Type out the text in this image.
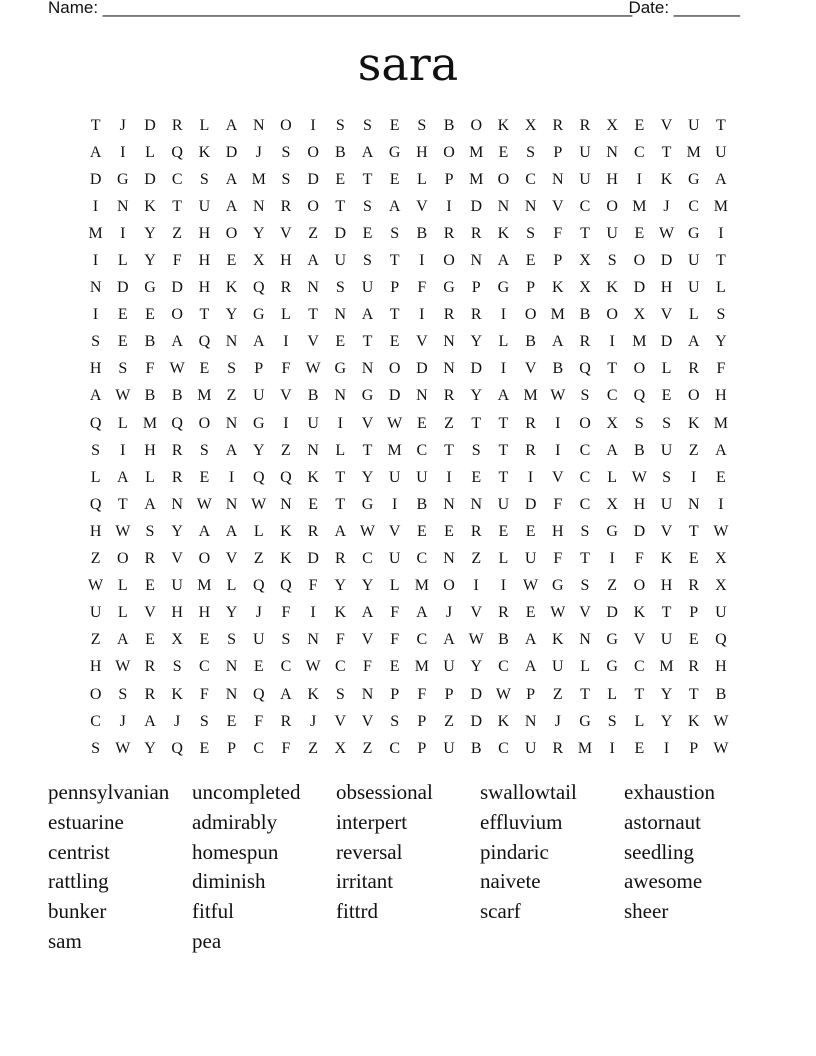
Name: ________________________________________________________
Date: _______
sara
T	J	D	R	L	A N O	I	S	S	E	S	B	O K X	R	R	X	E	V U	T
A	I	L	Q K D	J	S	O	B	A G H O M E	S	P	U N	C	T M U
D G D	C	S	A M S	D	E	T	E	L	P M O	C	N U H	I	K G A
I	N K	T	U A N	R	O	T	S	A V	I	D N N V	C	O M	J	C M
M	I	Y	Z	H O Y V	Z	D	E	S	B	R	R	K	S	F	T	U	E W G	I
I	L	Y	F	H	E	X H A U	S	T	I	O N A	E	P	X	S	O D U	T
N D G D H K Q	R	N	S	U	P	F	G	P	G	P	K X K D H U	L
I	E	E	O	T	Y G	L	T	N A	T	I	R	R	I	O M B	O X V	L	S
S	E	B	A Q N A	I	V	E	T	E	V N Y	L	B	A	R	I	M D A Y
H	S	F W E	S	P	F W G N O D N D	I	V	B	Q	T	O	L	R	F
A W B	B M Z	U V	B	N G D N	R	Y A M W S	C	Q	E	O H
Q	L M Q O N G	I	U	I	V W E	Z	T	T	R	I	O X	S	S	K M
S	I	H	R	S	A Y	Z	N	L	T M C	T	S	T	R	I	C	A	B	U	Z	A
L	A	L	R	E	I	Q Q K	T	Y U U	I	E	T	I	V	C	L W S	I	E
Q	T	A N W N W N	E	T	G	I	B	N N U D	F	C	X H U N	I
H W S	Y A A	L	K	R	A W V	E	E	R	E	E	H	S	G D V	T W
Z	O	R	V O V	Z	K D	R	C	U	C	N	Z	L	U	F	T	I	F	K	E	X
W L	E	U M L	Q Q	F	Y Y	L M O	I	I	W G	S	Z	O H	R	X
U	L	V H H Y	J	F	I	K A	F	A	J	V	R	E W V D K	T	P	U
Z	A	E	X	E	S	U	S	N	F	V	F	C	A W B	A K N G V U	E	Q
H W R	S	C	N	E	C W C	F	E M U Y	C	A U	L	G	C M R	H
O	S	R	K	F	N Q A K	S	N	P	F	P	D W P	Z	T	L	T	Y	T	B
C	J	A	J	S	E	F	R	J	V V	S	P	Z	D K N	J	G	S	L	Y K W
S W Y Q	E	P	C	F	Z	X	Z	C	P	U	B	C	U	R M	I	E	I	P W
pennsylvanian	uncompleted	obsessional	swallowtail	exhaustion
estuarine	admirably	interpert	effluvium	astornaut
centrist	homespun	reversal	pindaric	seedling
rattling	diminish	irritant	naivete	awesome
bunker	fitful	fittrd	scarf	sheer
sam	pea
